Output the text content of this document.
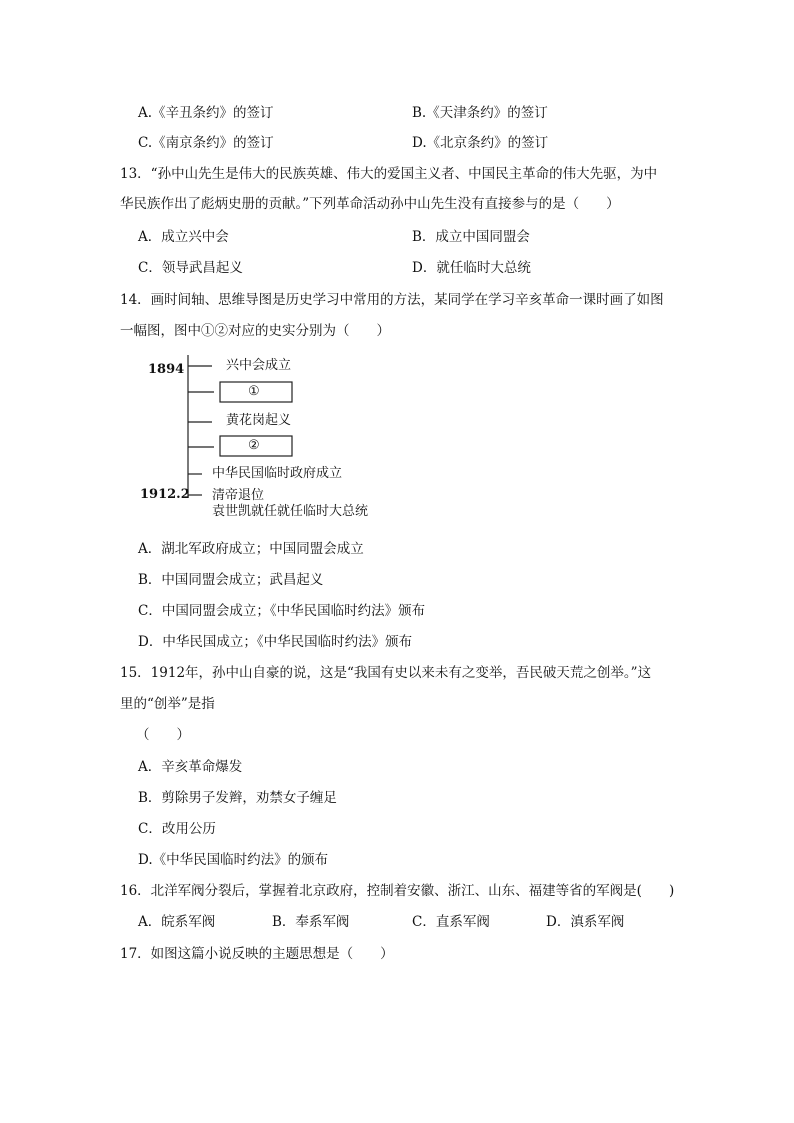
A.《辛丑条约》的签订	B.《天津条约》的签订
C.《南京条约》的签订	D.《北京条约》的签订
13．“孙中山先生是伟大的民族英雄、伟大的爱国主义者、中国民主革命的伟大先驱，为中
华民族作出了彪炳史册的贡献。”下列革命活动孙中山先生没有直接参与的是（　　）
A．成立兴中会	B．成立中国同盟会
C．领导武昌起义	D．就任临时大总统
14．画时间轴、思维导图是历史学习中常用的方法，某同学在学习辛亥革命一课时画了如图
一幅图，图中①②对应的史实分别为（　　）
1894	兴中会成立
①
黄花岗起义
②
中华民国临时政府成立
1912.2 清帝退位
袁世凯就任就任临时大总统
A．湖北军政府成立；中国同盟会成立
B．中国同盟会成立；武昌起义
C．中国同盟会成立；《中华民国临时约法》颁布
D．中华民国成立；《中华民国临时约法》颁布
15．1912年，孙中山自豪的说，这是“我国有史以来未有之变举，吾民破天荒之创举。”这
里的“创举”是指
（　　）
A．辛亥革命爆发
B．剪除男子发辫，劝禁女子缠足
C．改用公历
D.《中华民国临时约法》的颁布
16．北洋军阀分裂后，掌握着北京政府，控制着安徽、浙江、山东、福建等省的军阀是(　　)
A．皖系军阀	B．奉系军阀	C．直系军阀	D．滇系军阀
17．如图这篇小说反映的主题思想是（　　）
